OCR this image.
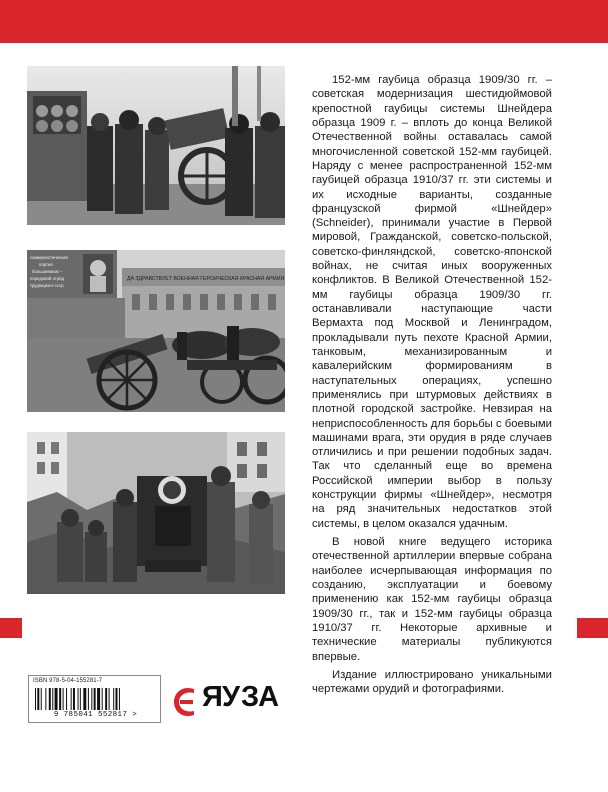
ДА ЗДРАВСТВУЕТ ВОЕННАЯ ГЕРОИЧЕСКАЯ КРАСНАЯ АРМИЯ
ломмунистическая
партия
большевиков –
передовой отряд
трудящихся ссср

152-мм гаубица образца 1909/30 гг. – советская модернизация шестидюймовой крепостной гаубицы системы Шнейдера образца 1909 г. – вплоть до конца Великой Отечественной войны оставалась самой многочисленной советской 152-мм гаубицей. Наряду с менее распространенной 152-мм гаубицей образца 1910/37 гг. эти системы и их исходные варианты, созданные французской фирмой «Шнейдер» (Schneider), принимали участие в Первой мировой, Гражданской, советско-польской, советско-финляндской, советско-японской войнах, не считая иных вооруженных конфликтов. В Великой Отечественной 152-мм гаубицы образца 1909/30 гг. останавливали наступающие части Вермахта под Москвой и Ленинградом, прокладывали путь пехоте Красной Армии, танковым, механизированным и кавалерийским формированиям в наступательных операциях, успешно применялись при штурмовых действиях в плотной городской застройке. Невзирая на неприспособленность для борьбы с боевыми машинами врага, эти орудия в ряде случаев отличились и при решении подобных задач. Так что сделанный еще во времена Российской империи выбор в пользу конструкции фирмы «Шнейдер», несмотря на ряд значительных недостатков этой системы, в целом оказался удачным.

В новой книге ведущего историка отечественной артиллерии впервые собрана наиболее исчерпывающая информация по созданию, эксплуатации и боевому применению как 152-мм гаубицы образца 1909/30 гг., так и 152-мм гаубицы образца 1910/37 гг. Некоторые архивные и технические материалы публикуются впервые.

Издание иллюстрировано уникальными чертежами орудий и фотографиями.

ISBN 978-5-04-155281-7
9 785041 552817 >
Я У ЗА
